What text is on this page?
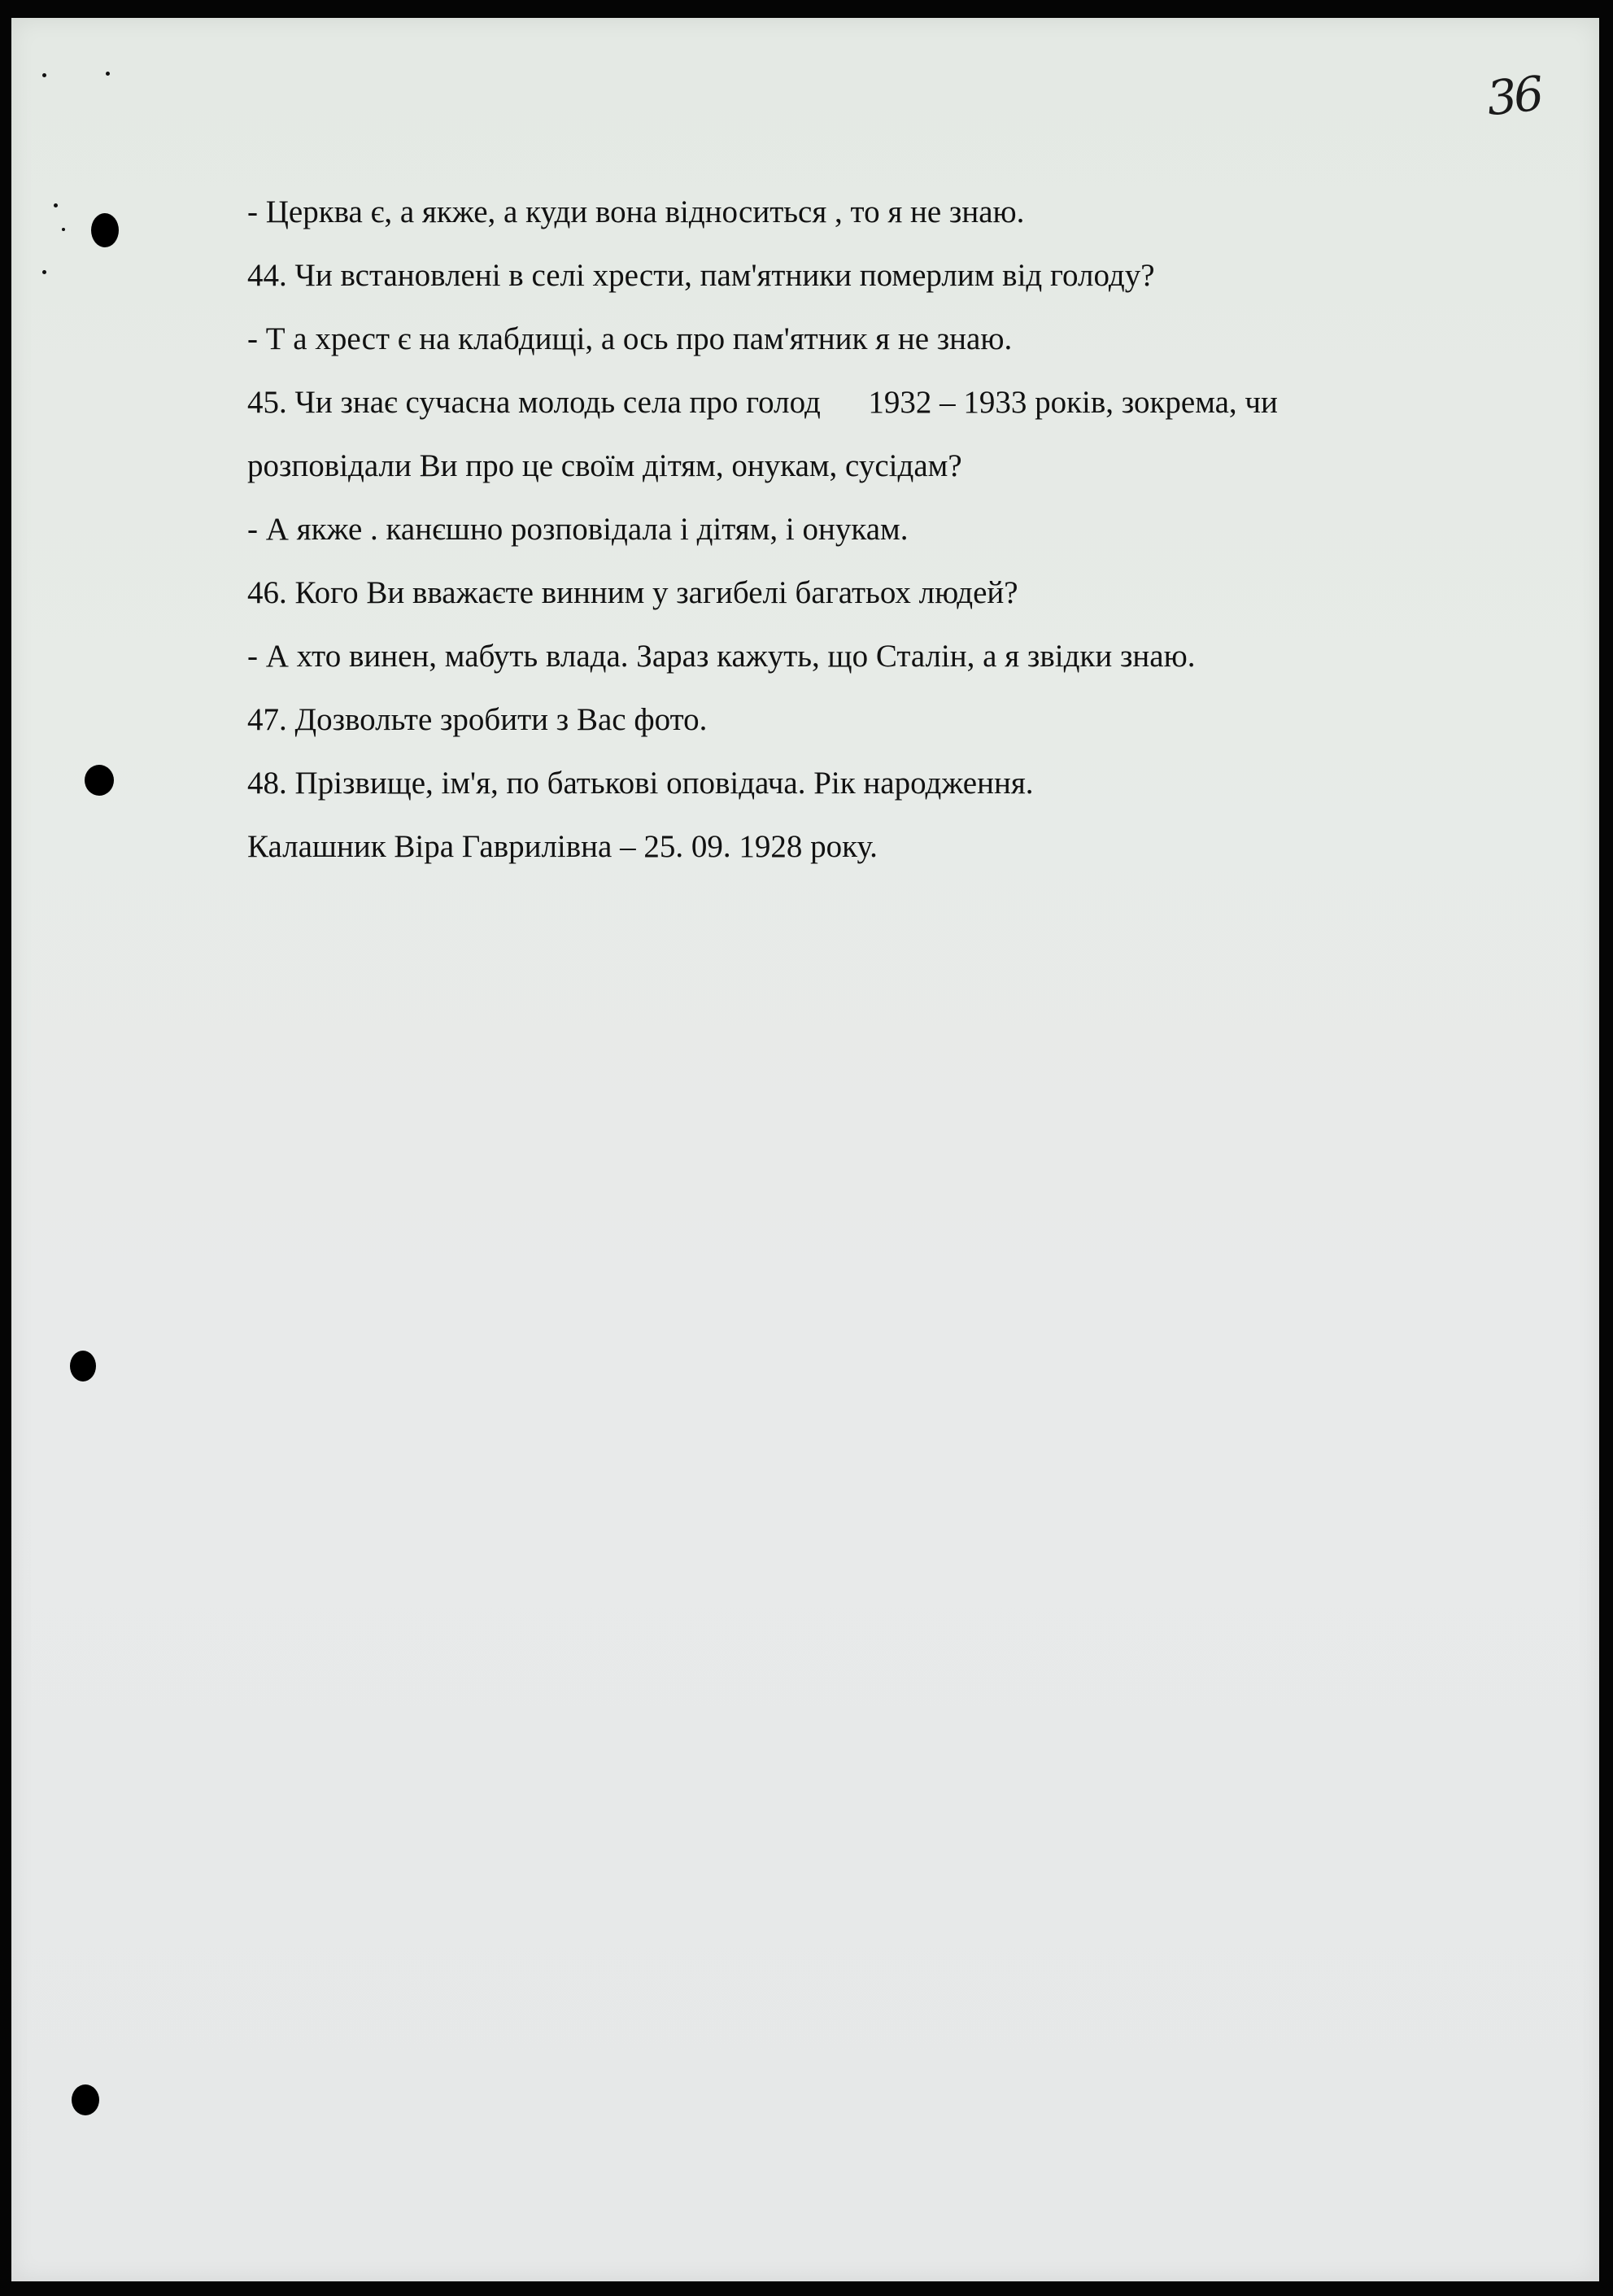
36

- Церква є, а якже, а куди вона відноситься , то я не знаю.

44. Чи встановлені в селі хрести, пам'ятники померлим від голоду?

- Т а хрест є на клабдищі, а ось про пам'ятник я не знаю.

45. Чи знає сучасна молодь села про голод      1932 – 1933 років, зокрема, чи

розповідали Ви про це своїм дітям, онукам, сусідам?

- А якже . канєшно розповідала і дітям, і онукам.

46. Кого Ви вважаєте винним у загибелі багатьох людей?

- А хто винен, мабуть влада. Зараз кажуть, що Сталін, а я звідки знаю.

47. Дозвольте зробити з Вас фото.

48. Прізвище, ім'я, по батькові оповідача. Рік народження.

Калашник Віра Гаврилівна – 25. 09. 1928 року.
